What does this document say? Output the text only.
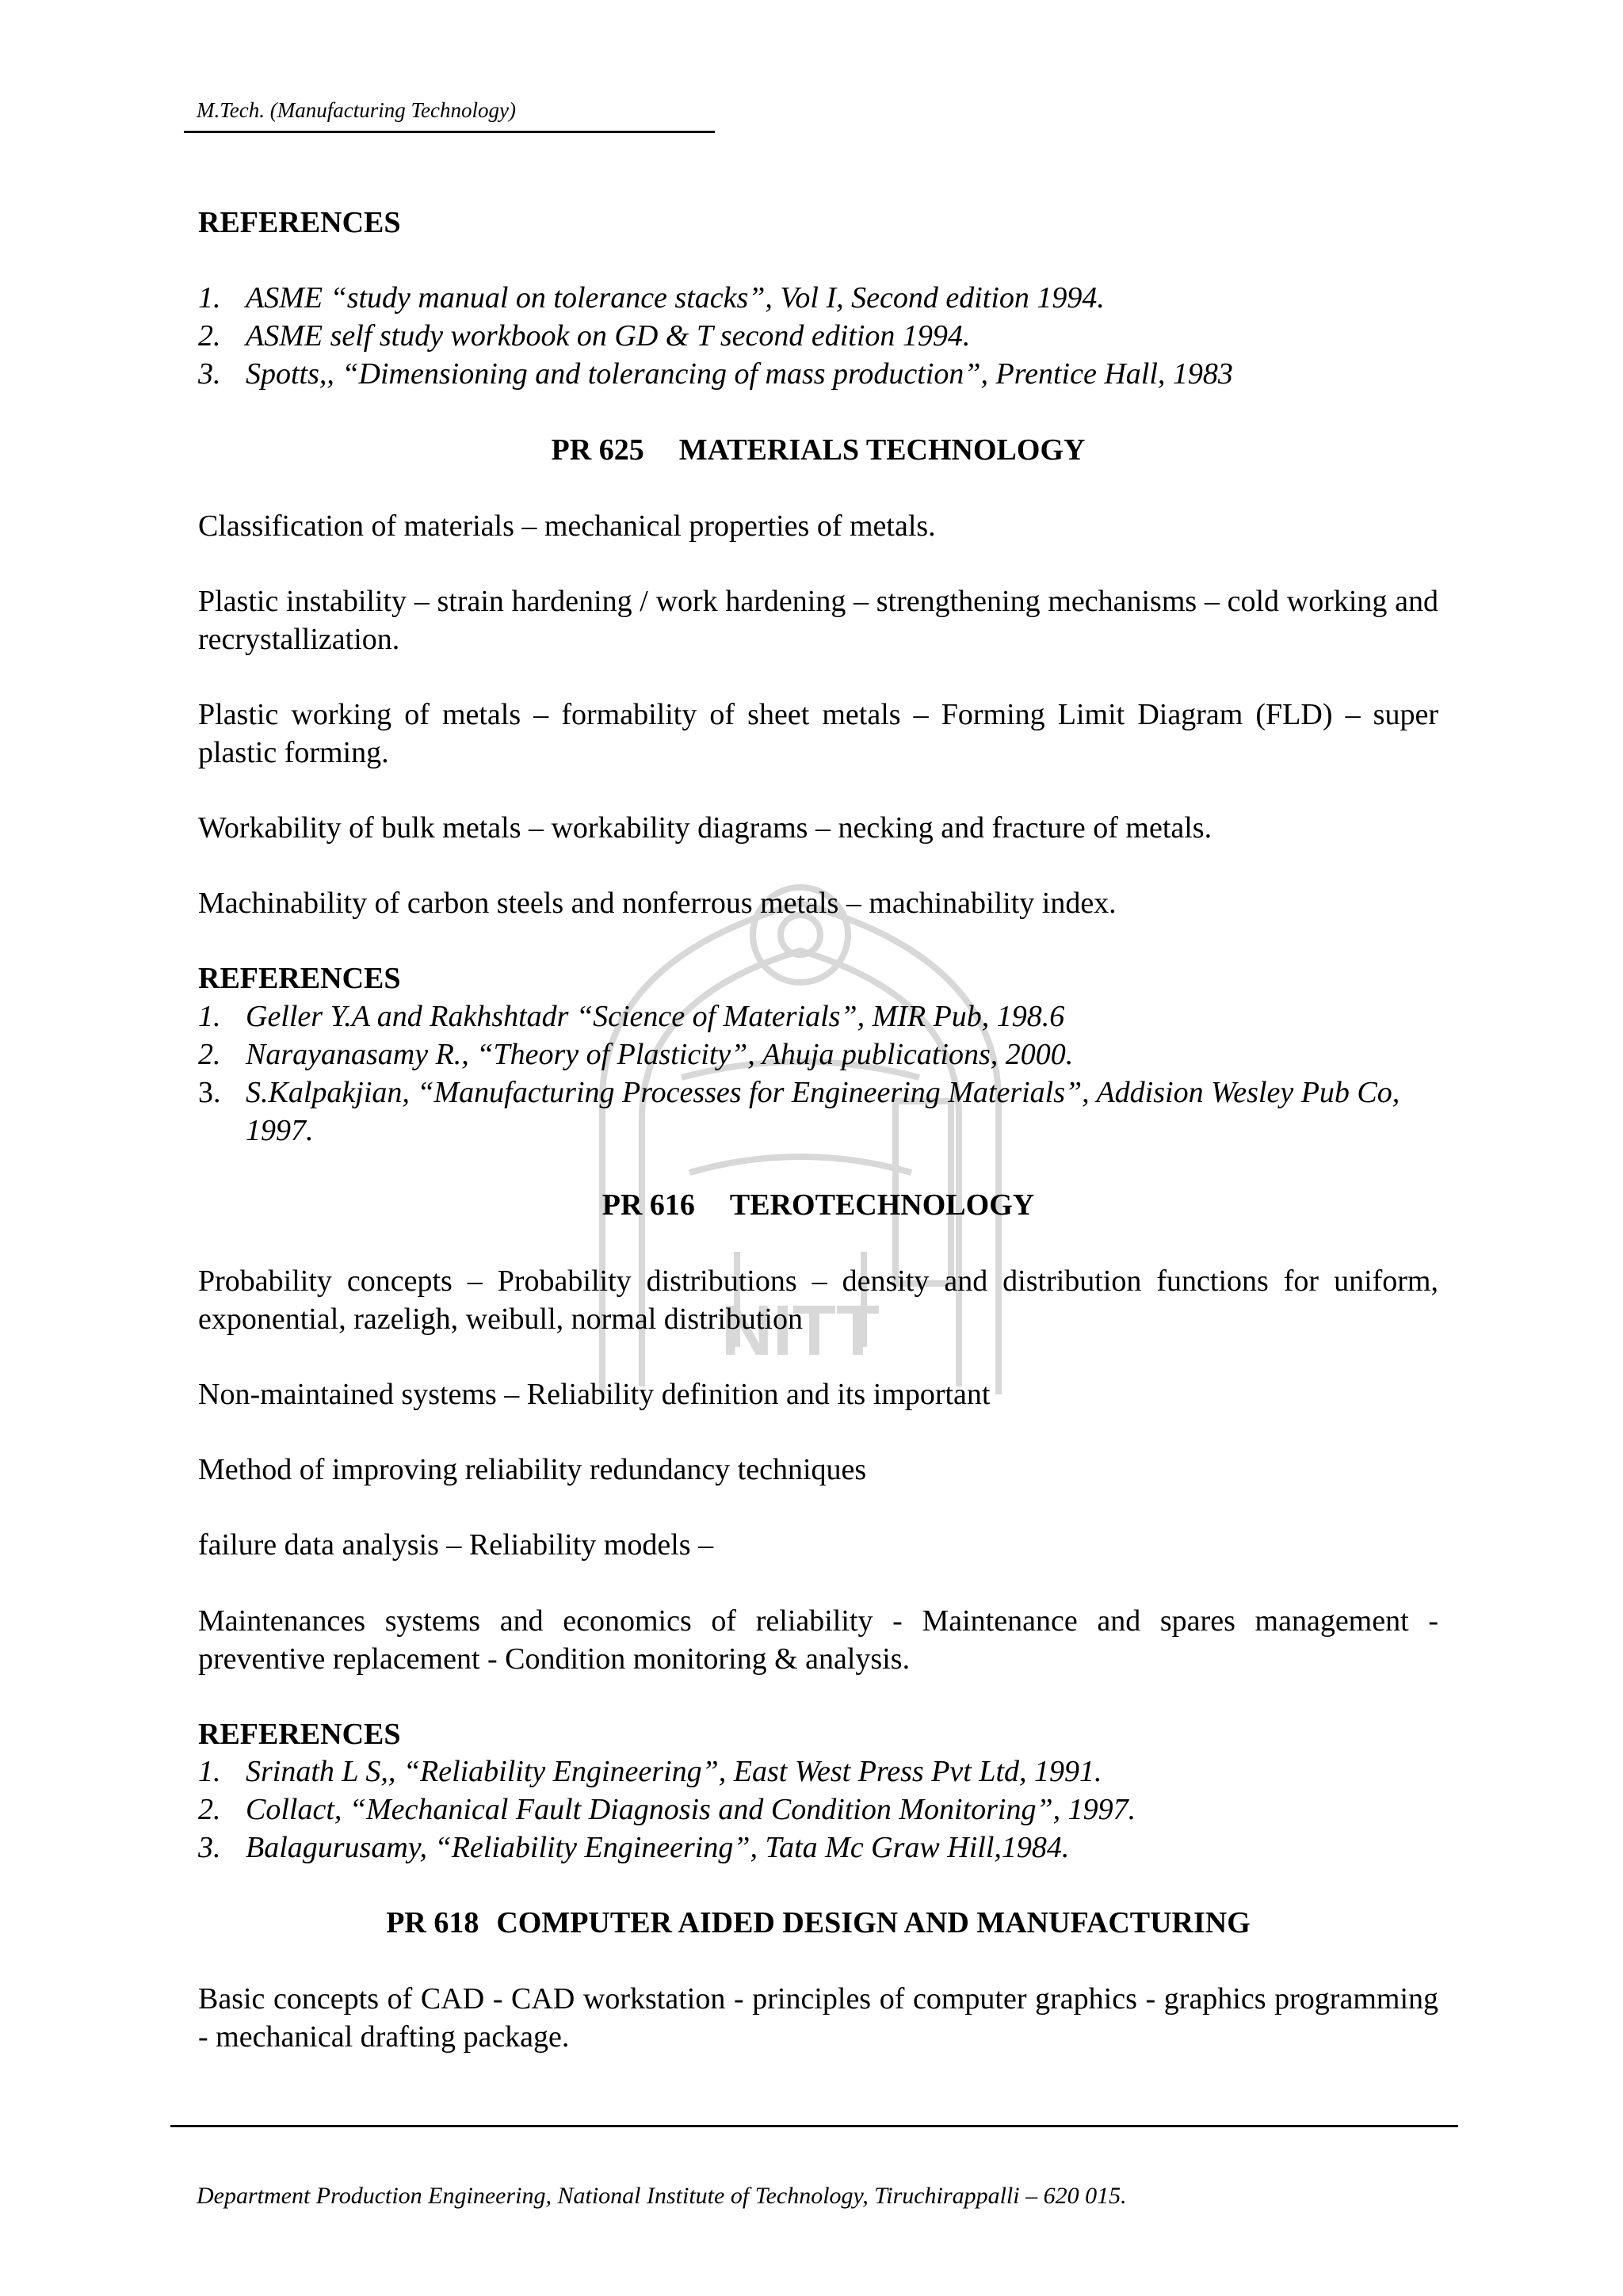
M.Tech. (Manufacturing Technology)
NITT

REFERENCES

1. ASME “study manual on tolerance stacks”, Vol I, Second edition 1994.
2. ASME self study workbook on GD & T second edition 1994.
3. Spotts,, “Dimensioning and tolerancing of mass production”, Prentice Hall, 1983

PR 625 MATERIALS TECHNOLOGY

Classification of materials – mechanical properties of metals.

Plastic instability – strain hardening / work hardening – strengthening mechanisms – cold working and recrystallization.

Plastic working of metals – formability of sheet metals – Forming Limit Diagram (FLD) – super plastic forming.

Workability of bulk metals – workability diagrams – necking and fracture of metals.

Machinability of carbon steels and nonferrous metals – machinability index.

REFERENCES

1. Geller Y.A and Rakhshtadr “Science of Materials”, MIR Pub, 198.6
2. Narayanasamy R., “Theory of Plasticity”, Ahuja publications, 2000.
3. S.Kalpakjian, “Manufacturing Processes for Engineering Materials”, Addision Wesley Pub Co, 1997.

PR 616 TEROTECHNOLOGY

Probability concepts – Probability distributions – density and distribution functions for uniform, exponential, razeligh, weibull, normal distribution

Non-maintained systems – Reliability definition and its important

Method of improving reliability redundancy techniques

failure data analysis – Reliability models –

Maintenances systems and economics of reliability - Maintenance and spares management - preventive replacement - Condition monitoring & analysis.

REFERENCES

1. Srinath L S,, “Reliability Engineering”, East West Press Pvt Ltd, 1991.
2. Collact, “Mechanical Fault Diagnosis and Condition Monitoring”, 1997.
3. Balagurusamy, “Reliability Engineering”, Tata Mc Graw Hill,1984.

PR 618 COMPUTER AIDED DESIGN AND MANUFACTURING

Basic concepts of CAD - CAD workstation - principles of computer graphics - graphics programming - mechanical drafting package.

Department Production Engineering, National Institute of Technology, Tiruchirappalli – 620 015.
